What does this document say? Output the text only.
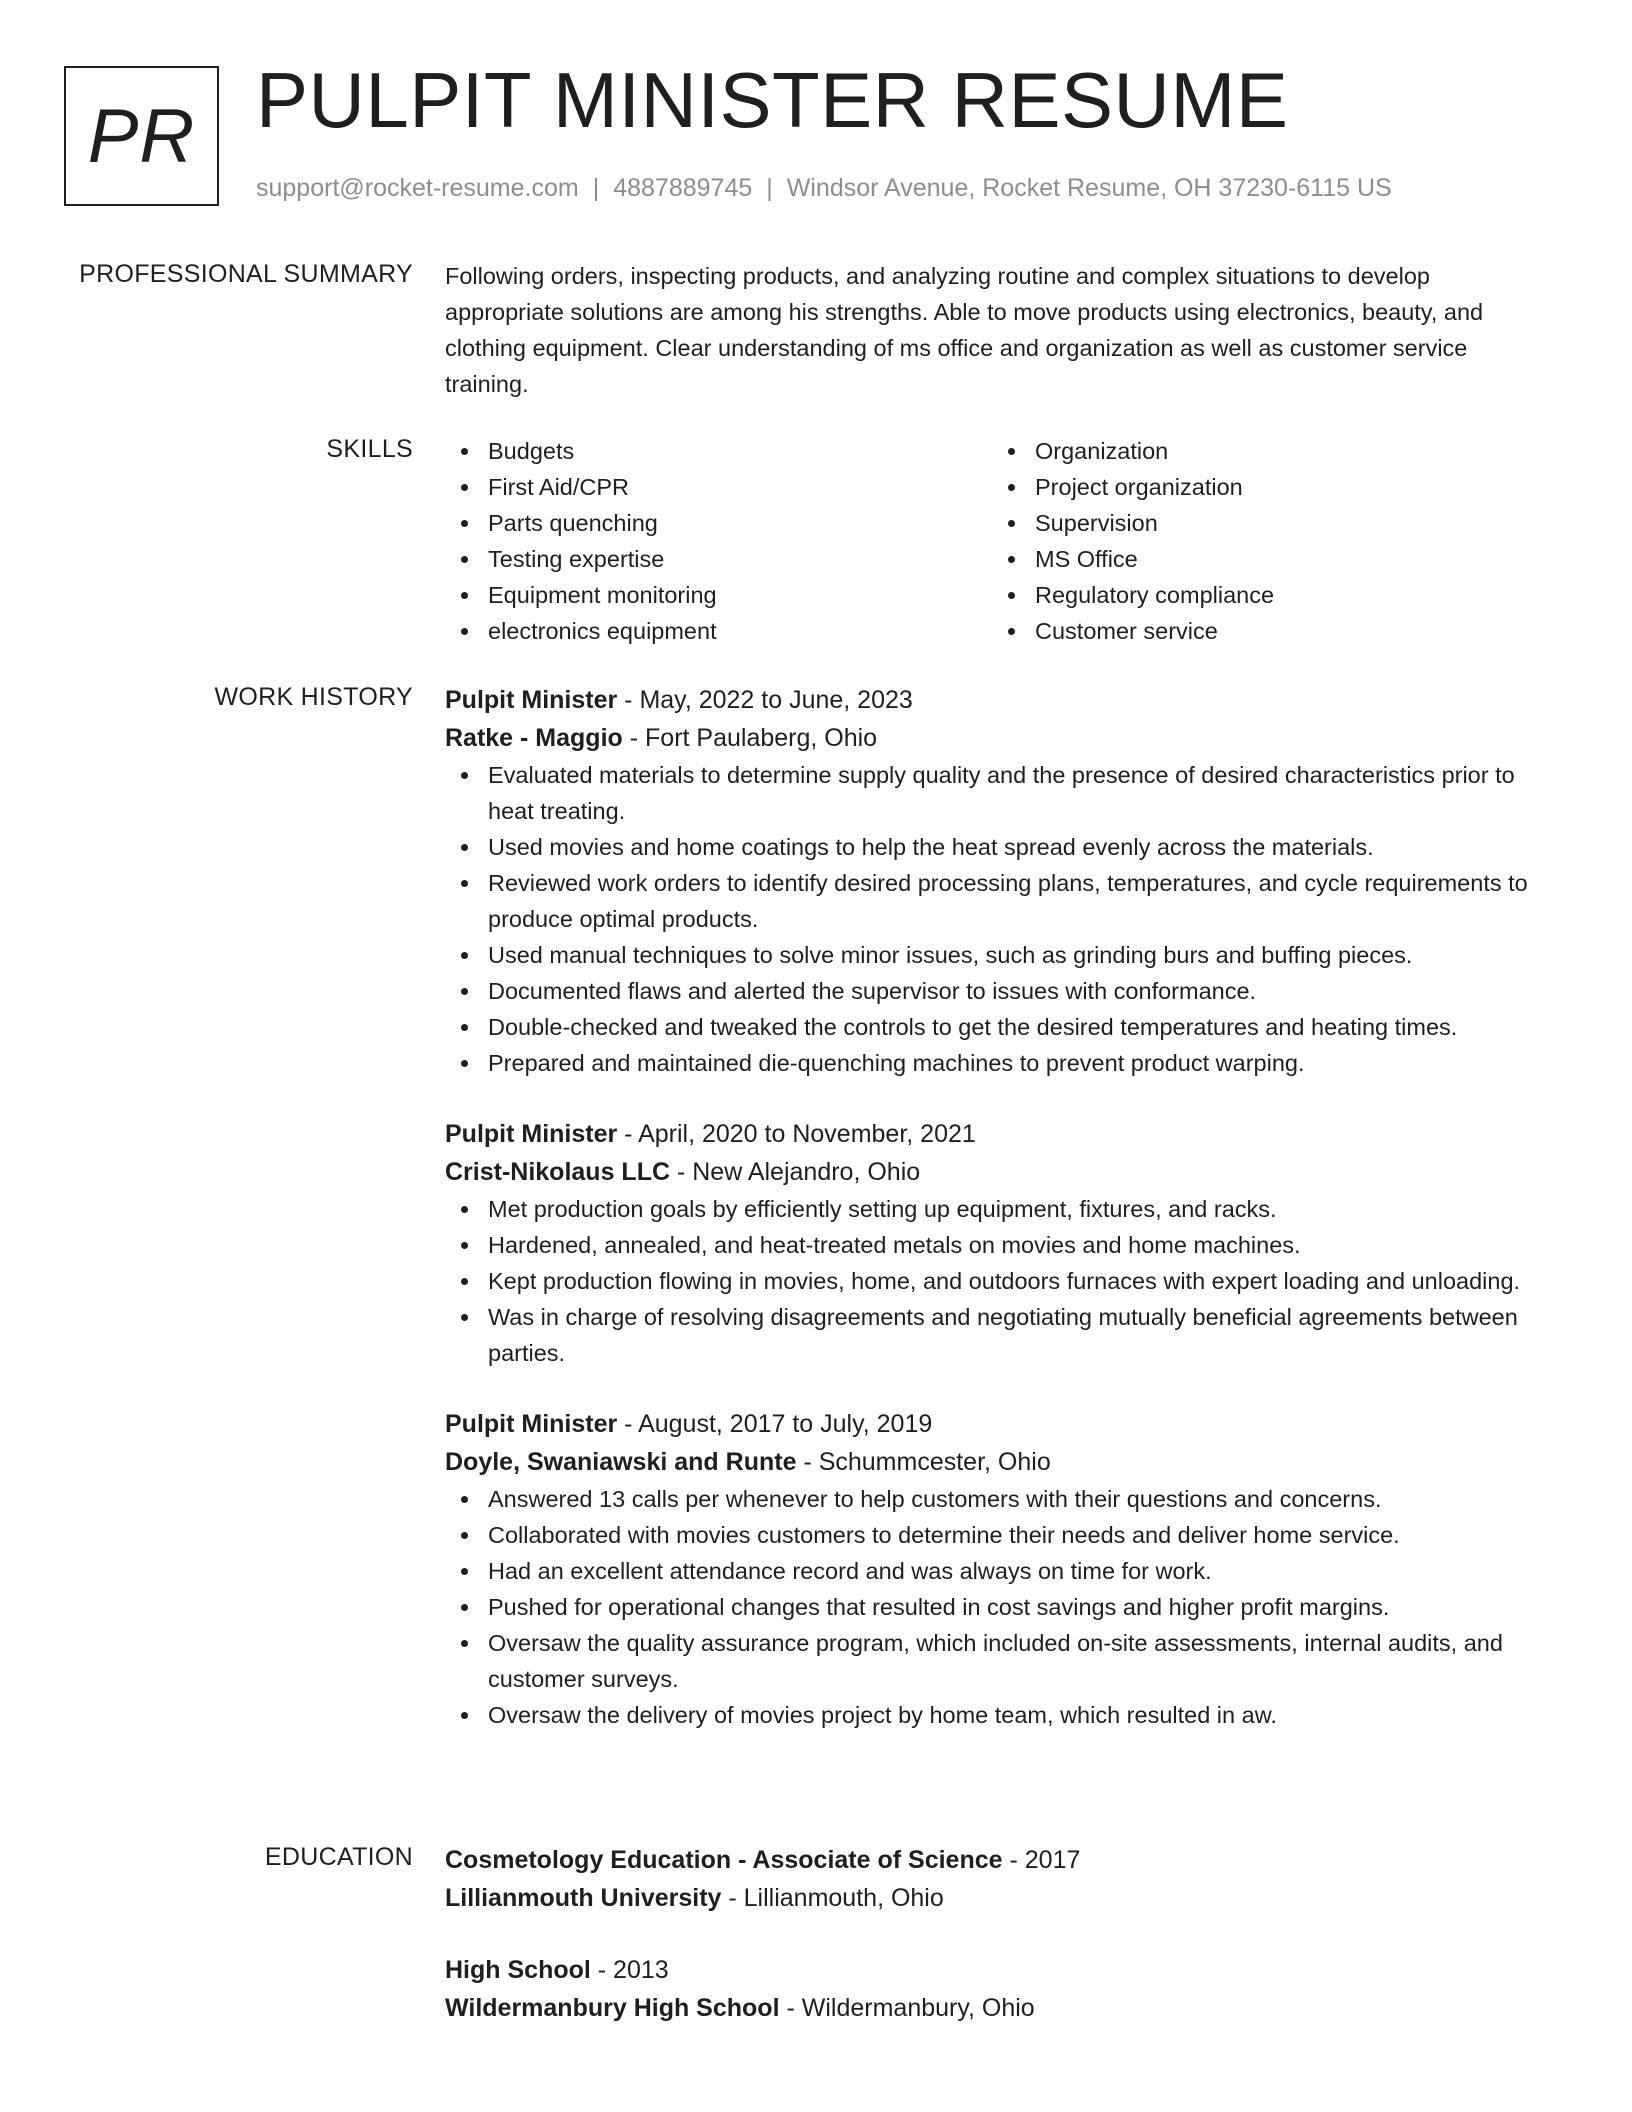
PR PULPIT MINISTER RESUME
support@rocket-resume.com | 4887889745 | Windsor Avenue, Rocket Resume, OH 37230-6115 US
PROFESSIONAL SUMMARY Following orders, inspecting products, and analyzing routine and complex situations to develop appropriate solutions are among his strengths. Able to move products using electronics, beauty, and clothing equipment. Clear understanding of ms office and organization as well as customer service training.

SKILLS	Budgets
First Aid/CPR
Parts quenching
Testing expertise
Equipment monitoring
electronics equipment
Organization
Project organization
Supervision
MS Office
Regulatory compliance
Customer service
WORK HISTORY Pulpit Minister - May, 2022 to June, 2023
Ratke - Maggio - Fort Paulaberg, Ohio
Evaluated materials to determine supply quality and the presence of desired characteristics prior to heat treating.
Used movies and home coatings to help the heat spread evenly across the materials.
Reviewed work orders to identify desired processing plans, temperatures, and cycle requirements to produce optimal products.
Used manual techniques to solve minor issues, such as grinding burs and buffing pieces.
Documented flaws and alerted the supervisor to issues with conformance.
Double-checked and tweaked the controls to get the desired temperatures and heating times.
Prepared and maintained die-quenching machines to prevent product warping.
Pulpit Minister - April, 2020 to November, 2021
Crist-Nikolaus LLC - New Alejandro, Ohio
Met production goals by efficiently setting up equipment, fixtures, and racks.
Hardened, annealed, and heat-treated metals on movies and home machines.
Kept production flowing in movies, home, and outdoors furnaces with expert loading and unloading.
Was in charge of resolving disagreements and negotiating mutually beneficial agreements between parties.
Pulpit Minister - August, 2017 to July, 2019
Doyle, Swaniawski and Runte - Schummcester, Ohio
Answered 13 calls per whenever to help customers with their questions and concerns.
Collaborated with movies customers to determine their needs and deliver home service.
Had an excellent attendance record and was always on time for work.
Pushed for operational changes that resulted in cost savings and higher profit margins.
Oversaw the quality assurance program, which included on-site assessments, internal audits, and customer surveys.
Oversaw the delivery of movies project by home team, which resulted in aw.
EDUCATION Cosmetology Education - Associate of Science - 2017
Lillianmouth University - Lillianmouth, Ohio
High School - 2013
Wildermanbury High School - Wildermanbury, Ohio
